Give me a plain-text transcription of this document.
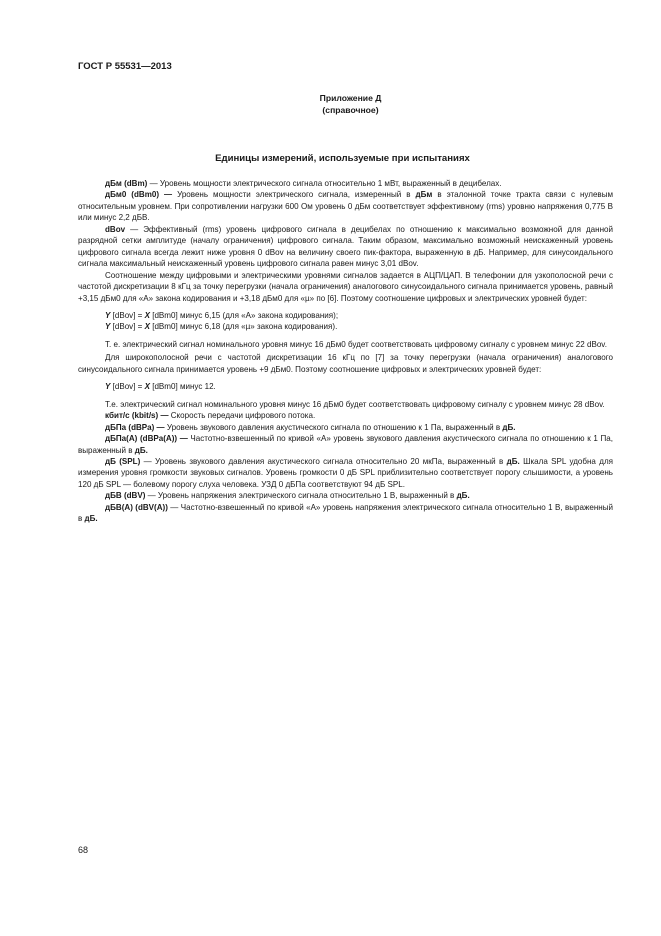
ГОСТ Р 55531—2013
Приложение Д
(справочное)
Единицы измерений, используемые при испытаниях

дБм (dBm) — Уровень мощности электрического сигнала относительно 1 мВт, выраженный в децибелах.

дБм0 (dBm0) — Уровень мощности электрического сигнала, измеренный в дБм в эталонной точке тракта связи с нулевым относительным уровнем. При сопротивлении нагрузки 600 Ом уровень 0 дБм соответствует эффективному (rms) уровню напряжения 0,775 В или минус 2,2 дБВ.

dBov — Эффективный (rms) уровень цифрового сигнала в децибелах по отношению к максимально возможной для данной разрядной сетки амплитуде (началу ограничения) цифрового сигнала. Таким образом, максимально возможный неискаженный уровень цифрового сигнала всегда лежит ниже уровня 0 dBov на величину своего пик-фактора, выраженную в дБ. Например, для синусоидального сигнала максимальный неискаженный уровень цифрового сигнала равен минус 3,01 dBov.

Соотношение между цифровыми и электрическими уровнями сигналов задается в АЦП/ЦАП. В телефонии для узкополосной речи с частотой дискретизации 8 кГц за точку перегрузки (начала ограничения) аналогового синусоидального сигнала принимается уровень, равный +3,15 дБм0 для «А» закона кодирования и +3,18 дБм0 для «µ» по [6]. Поэтому соотношение цифровых и электрических уровней будет:

Y [dBov] = X [dBm0] минус 6,15 (для «А» закона кодирования);

Y [dBov] = X [dBm0] минус 6,18 (для «µ» закона кодирования).

Т. е. электрический сигнал номинального уровня минус 16 дБм0 будет соответствовать цифровому сигналу с уровнем минус 22 dBov.

Для широкополосной речи с частотой дискретизации 16 кГц по [7] за точку перегрузки (начала ограничения) аналогового синусоидального сигнала принимается уровень +9 дБм0. Поэтому соотношение цифровых и электрических уровней будет:

Y [dBov] = X [dBm0] минус 12.

Т.е. электрический сигнал номинального уровня минус 16 дБм0 будет соответствовать цифровому сигналу с уровнем минус 28 dBov.

кбит/с (kbit/s) — Скорость передачи цифрового потока.

дБПа (dBPa) — Уровень звукового давления акустического сигнала по отношению к 1 Па, выраженный в дБ.

дБПа(А) (dBPa(A)) — Частотно-взвешенный по кривой «А» уровень звукового давления акустического сигнала по отношению к 1 Па, выраженный в дБ.

дБ (SPL) — Уровень звукового давления акустического сигнала относительно 20 мкПа, выраженный в дБ. Шкала SPL удобна для измерения уровня громкости звуковых сигналов. Уровень громкости 0 дБ SPL приблизительно соответствует порогу слышимости, а уровень 120 дБ SPL — болевому порогу слуха человека. УЗД 0 дБПа соответствуют 94 дБ SPL.

дБВ (dBV) — Уровень напряжения электрического сигнала относительно 1 В, выраженный в дБ.

дБВ(А) (dBV(A)) — Частотно-взвешенный по кривой «А» уровень напряжения электрического сигнала относительно 1 В, выраженный в дБ.

68
